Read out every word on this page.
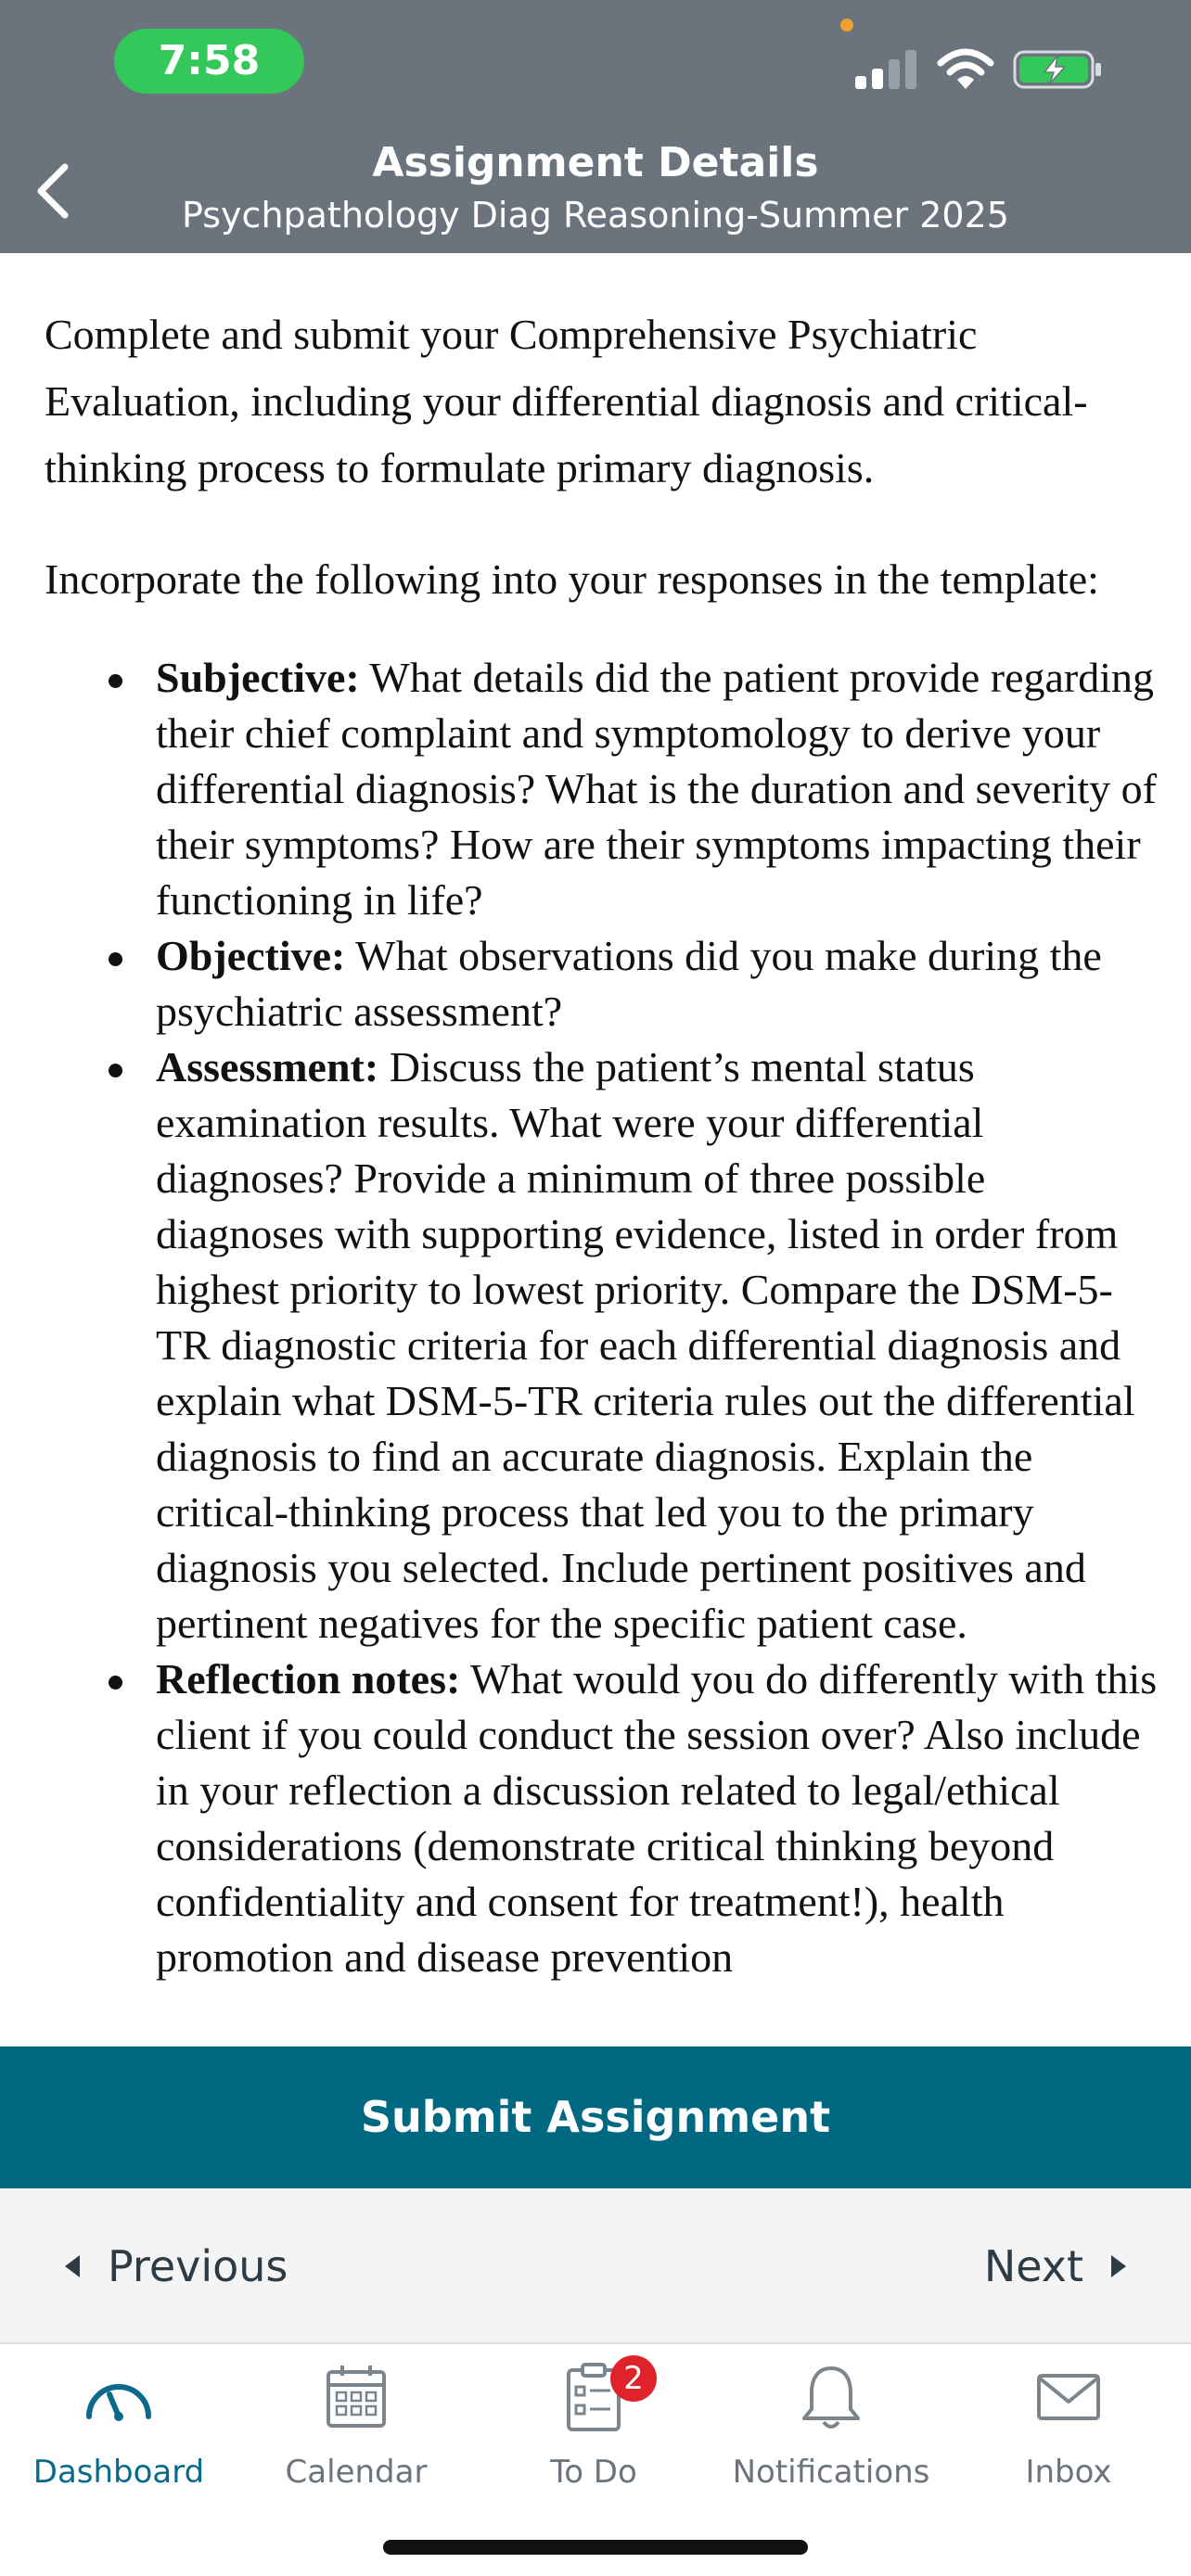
7:58
Assignment Details
Psychpathology Diag Reasoning-Summer 2025

Complete and submit your Comprehensive Psychiatric Evaluation, including your differential diagnosis and critical-thinking process to formulate primary diagnosis.

Incorporate the following into your responses in the template:

Subjective: What details did the patient provide regarding their chief complaint and symptomology to derive your differential diagnosis? What is the duration and severity of their symptoms? How are their symptoms impacting their functioning in life?
Objective: What observations did you make during the psychiatric assessment?
Assessment: Discuss the patient’s mental status examination results. What were your differential diagnoses? Provide a minimum of three possible diagnoses with supporting evidence, listed in order from highest priority to lowest priority. Compare the DSM-5-TR diagnostic criteria for each differential diagnosis and explain what DSM-5-TR criteria rules out the differential diagnosis to find an accurate diagnosis. Explain the critical-thinking process that led you to the primary diagnosis you selected. Include pertinent positives and pertinent negatives for the specific patient case.
Reflection notes: What would you do differently with this client if you could conduct the session over? Also include in your reflection a discussion related to legal/ethical considerations (demonstrate critical thinking beyond confidentiality and consent for treatment!), health promotion and disease prevention
Submit Assignment
Previous	Next
Dashboard	Calendar
2
To Do	Notifications	Inbox
